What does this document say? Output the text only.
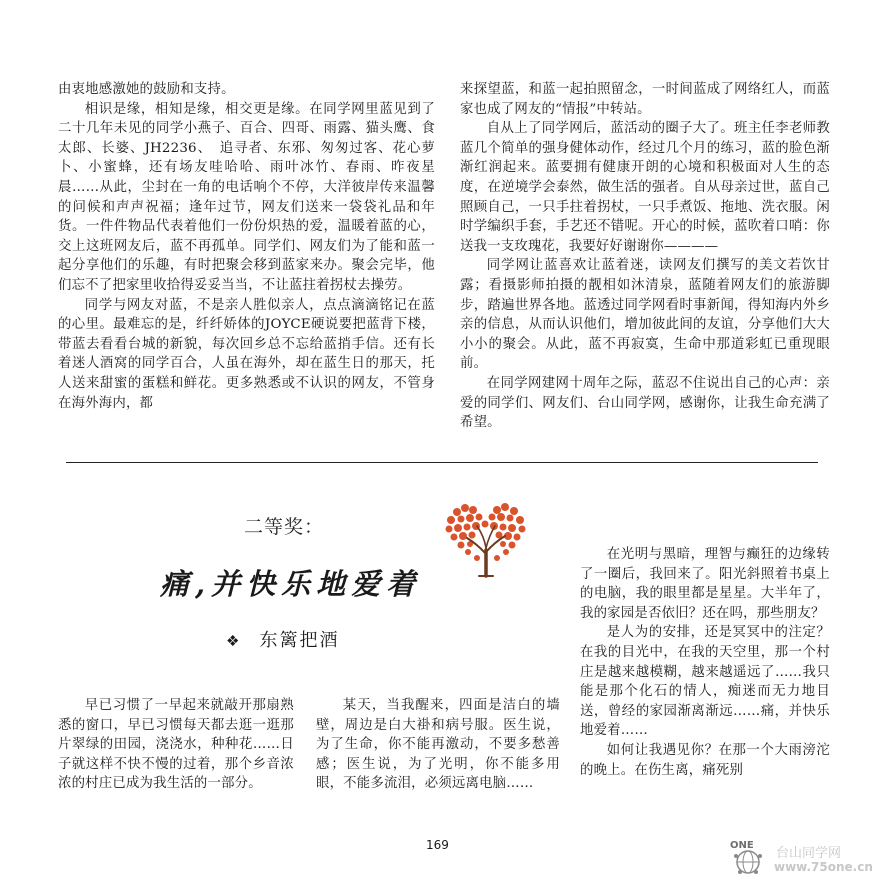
由衷地感激她的鼓励和支持。

相识是缘，相知是缘，相交更是缘。在同学网里蓝见到了二十几年未见的同学小燕子、百合、四哥、雨露、猫头鹰、食太郎、长婆、JH2236、　追寻者、东邪、匆匆过客、花心萝卜、小蜜蜂，还有场友哇哈哈、雨叶冰竹、春雨、昨夜星晨……从此，尘封在一角的电话响个不停，大洋彼岸传来温馨的问候和声声祝福；逢年过节，网友们送来一袋袋礼品和年货。一件件物品代表着他们一份份炽热的爱，温暖着蓝的心，交上这班网友后，蓝不再孤单。同学们、网友们为了能和蓝一起分享他们的乐趣，有时把聚会移到蓝家来办。聚会完毕，他们忘不了把家里收拾得妥妥当当，不让蓝拄着拐杖去操劳。

同学与网友对蓝，不是亲人胜似亲人，点点滴滴铭记在蓝的心里。最难忘的是，纤纤娇体的JOYCE硬说要把蓝背下楼，带蓝去看看台城的新貌，每次回乡总不忘给蓝捎手信。还有长着迷人酒窝的同学百合，人虽在海外，却在蓝生日的那天，托人送来甜蜜的蛋糕和鲜花。更多熟悉或不认识的网友，不管身在海外海内，都

来探望蓝，和蓝一起拍照留念，一时间蓝成了网络红人，而蓝家也成了网友的“情报”中转站。

自从上了同学网后，蓝活动的圈子大了。班主任李老师教蓝几个简单的强身健体动作，经过几个月的练习，蓝的脸色渐渐红润起来。蓝要拥有健康开朗的心境和积极面对人生的态度，在逆境学会泰然，做生活的强者。自从母亲过世，蓝自己照顾自己，一只手拄着拐杖，一只手煮饭、拖地、洗衣服。闲时学编织手套，手艺还不错呢。开心的时候，蓝吹着口哨：你送我一支玫瑰花，我要好好谢谢你————

同学网让蓝喜欢让蓝着迷，读网友们撰写的美文若饮甘露；看摄影师拍摄的靓相如沐清泉，蓝随着网友们的旅游脚步，踏遍世界各地。蓝透过同学网看时事新闻，得知海内外乡亲的信息，从而认识他们，增加彼此间的友谊，分享他们大大小小的聚会。从此，蓝不再寂寞，生命中那道彩虹已重现眼前。

在同学网建网十周年之际，蓝忍不住说出自己的心声：亲爱的同学们、网友们、台山同学网，感谢你，让我生命充满了希望。

二等奖：
痛,并快乐地爱着
❖ 东篱把酒

早已习惯了一早起来就敲开那扇熟悉的窗口，早已习惯每天都去逛一逛那片翠绿的田园，浇浇水，种种花……日子就这样不快不慢的过着，那个乡音浓浓的村庄已成为我生活的一部分。

某天，当我醒来，四面是洁白的墙壁，周边是白大褂和病号服。医生说，为了生命，你不能再激动，不要多愁善感；医生说，为了光明，你不能多用眼，不能多流泪，必须远离电脑……

在光明与黑暗，理智与癫狂的边缘转了一圈后，我回来了。阳光斜照着书桌上的电脑，我的眼里都是星星。大半年了，我的家园是否依旧？还在吗，那些朋友？

是人为的安排，还是冥冥中的注定？在我的目光中，在我的天空里，那一个村庄是越来越模糊，越来越遥远了……我只能是那个化石的情人，痴迷而无力地目送，曾经的家园渐离渐远……痛，并快乐地爱着……

如何让我遇见你？在那一个大雨滂沱的晚上。在伤生离，痛死别

169	ONE
台山同学网
www.75one.cn
